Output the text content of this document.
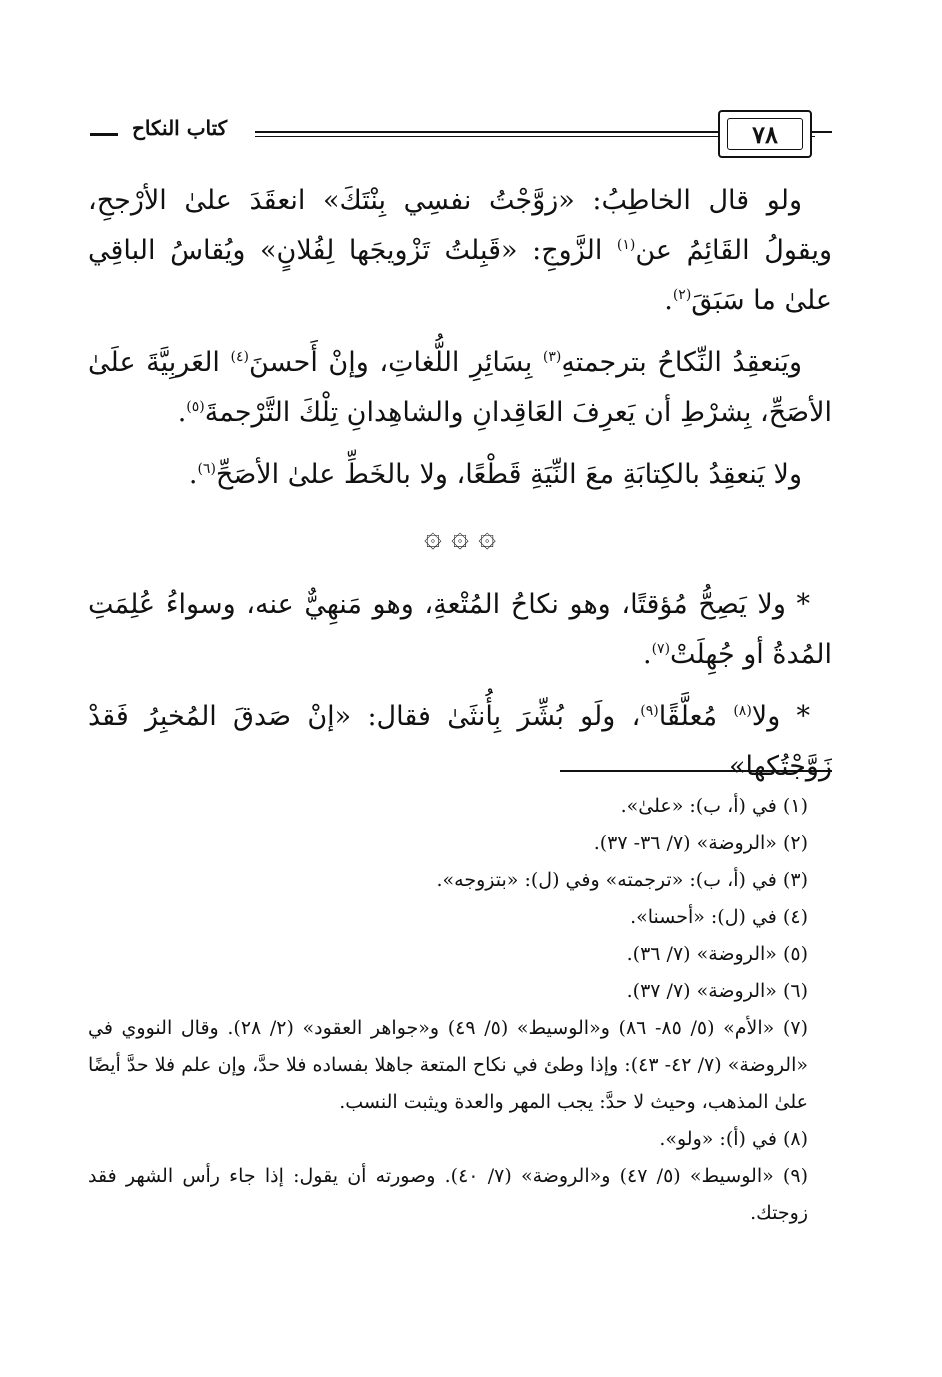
كتاب النكاح	٧٨

ولو قال الخاطِبُ: «زوَّجْتُ نفسِي بِنْتَكَ» انعقَدَ علىٰ الأرْجحِ، ويقولُ القَائِمُ عن$^{(١)}$ الزَّوجِ: «قَبِلتُ تَزْويجَها لِفُلانٍ» ويُقاسُ الباقِي علىٰ ما سَبَقَ$^{(٢)}$.

ويَنعقِدُ النِّكاحُ بترجمتهِ$^{(٣)}$ بِسَائِرِ اللُّغاتِ، وإنْ أَحسنَ$^{(٤)}$ العَربِيَّةَ علَىٰ الأصَحِّ، بِشرْطِ أن يَعرِفَ العَاقِدانِ والشاهِدانِ تِلْكَ التَّرْجمةَ$^{(٥)}$.

ولا يَنعقِدُ بالكِتابَةِ معَ النِّيَةِ قَطْعًا، ولا بالخَطِّ علىٰ الأصَحِّ$^{(٦)}$.

۞ ۞ ۞

* ولا يَصِحُّ مُؤقتًا، وهو نكاحُ المُتْعةِ، وهو مَنهِيٌّ عنه، وسواءُ عُلِمَتِ المُدةُ أو جُهِلَتْ$^{(٧)}$.

* ولا$^{(٨)}$ مُعلَّقًا$^{(٩)}$، ولَو بُشِّرَ بِأُنثَىٰ فقال: «إنْ صَدقَ المُخبِرُ فَقدْ زَوَّجْتُكها»

(١) في (أ، ب): «علىٰ».
(٢) «الروضة» (٧/ ٣٦- ٣٧).
(٣) في (أ، ب): «ترجمته» وفي (ل): «بتزوجه».
(٤) في (ل): «أحسنا».
(٥) «الروضة» (٧/ ٣٦).
(٦) «الروضة» (٧/ ٣٧).
(٧) «الأم» (٥/ ٨٥- ٨٦) و«الوسيط» (٥/ ٤٩) و«جواهر العقود» (٢/ ٢٨). وقال النووي في «الروضة» (٧/ ٤٢- ٤٣): وإذا وطئ في نكاح المتعة جاهلا بفساده فلا حدَّ، وإن علم فلا حدَّ أيضًا علىٰ المذهب، وحيث لا حدَّ: يجب المهر والعدة ويثبت النسب.
(٨) في (أ): «ولو».
(٩) «الوسيط» (٥/ ٤٧) و«الروضة» (٧/ ٤٠). وصورته أن يقول: إذا جاء رأس الشهر فقد زوجتك.
